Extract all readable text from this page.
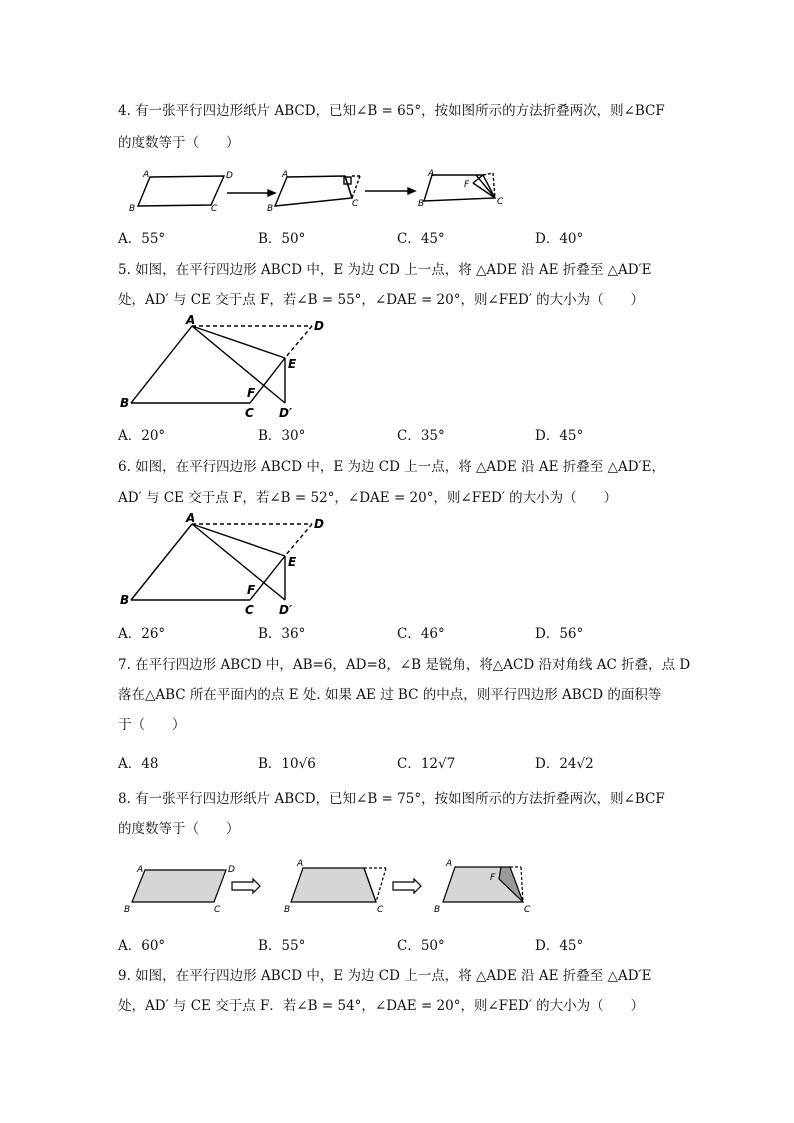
4. 有一张平行四边形纸片 ABCD，已知∠B = 65°，按如图所示的方法折叠两次，则∠BCF
的度数等于（　　）
A	D
B	C
A
B	C
A
F
B	C
A．55°	B．50°	C．45°	D．40°
5. 如图，在平行四边形 ABCD 中，E 为边 CD 上一点，将 △ADE 沿 AE 折叠至 △AD′E
处，AD′ 与 CE 交于点 F，若∠B = 55°，∠DAE = 20°，则∠FED′ 的大小为（　　）
A	D
E
F
B
C D′
A．20°	B．30°	C．35°	D．45°
6. 如图，在平行四边形 ABCD 中，E 为边 CD 上一点，将 △ADE 沿 AE 折叠至 △AD′E，
AD′ 与 CE 交于点 F，若∠B = 52°，∠DAE = 20°，则∠FED′ 的大小为（　　）
A	D
E
F
B
C D′
A．26°	B．36°	C．46°	D．56°
7. 在平行四边形 ABCD 中，AB=6，AD=8，∠B 是锐角，将△ACD 沿对角线 AC 折叠，点 D
落在△ABC 所在平面内的点 E 处. 如果 AE 过 BC 的中点，则平行四边形 ABCD 的面积等
于（　　）
A．48	B．10√6	C．12√7	D．24√2
8. 有一张平行四边形纸片 ABCD，已知∠B = 75°，按如图所示的方法折叠两次，则∠BCF
的度数等于（　　）
A	D
B	C
A
B	C
A
F
B	C
A．60°	B．55°	C．50°	D．45°
9. 如图，在平行四边形 ABCD 中，E 为边 CD 上一点，将 △ADE 沿 AE 折叠至 △AD′E
处，AD′ 与 CE 交于点 F．若∠B = 54°，∠DAE = 20°，则∠FED′ 的大小为（　　）
